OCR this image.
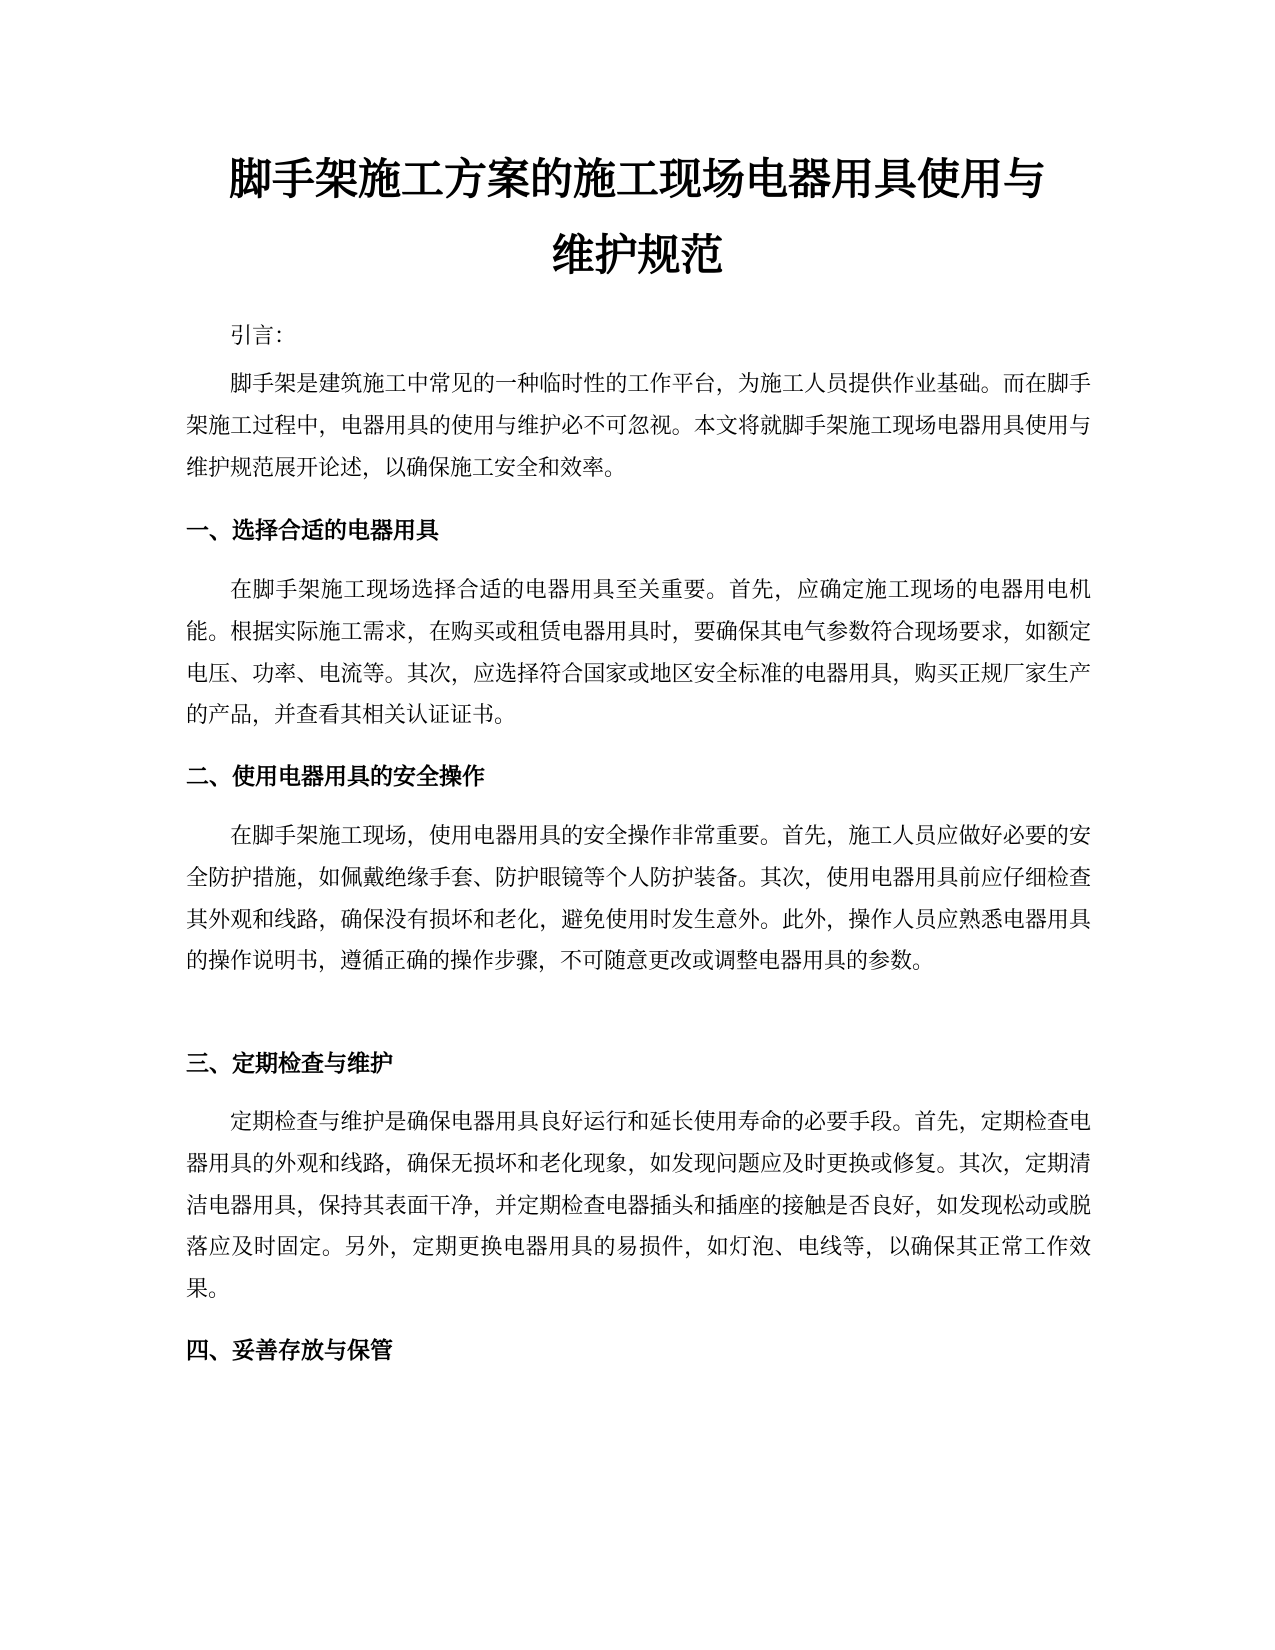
脚手架施工方案的施工现场电器用具使用与
维护规范

引言：

脚手架是建筑施工中常见的一种临时性的工作平台，为施工人员提供作业基础。而在脚手架施工过程中，电器用具的使用与维护必不可忽视。本文将就脚手架施工现场电器用具使用与维护规范展开论述，以确保施工安全和效率。

一、选择合适的电器用具

在脚手架施工现场选择合适的电器用具至关重要。首先，应确定施工现场的电器用电机能。根据实际施工需求，在购买或租赁电器用具时，要确保其电气参数符合现场要求，如额定电压、功率、电流等。其次，应选择符合国家或地区安全标准的电器用具，购买正规厂家生产的产品，并查看其相关认证证书。

二、使用电器用具的安全操作

在脚手架施工现场，使用电器用具的安全操作非常重要。首先，施工人员应做好必要的安全防护措施，如佩戴绝缘手套、防护眼镜等个人防护装备。其次，使用电器用具前应仔细检查其外观和线路，确保没有损坏和老化，避免使用时发生意外。此外，操作人员应熟悉电器用具的操作说明书，遵循正确的操作步骤，不可随意更改或调整电器用具的参数。

三、定期检查与维护

定期检查与维护是确保电器用具良好运行和延长使用寿命的必要手段。首先，定期检查电器用具的外观和线路，确保无损坏和老化现象，如发现问题应及时更换或修复。其次，定期清洁电器用具，保持其表面干净，并定期检查电器插头和插座的接触是否良好，如发现松动或脱落应及时固定。另外，定期更换电器用具的易损件，如灯泡、电线等，以确保其正常工作效果。

四、妥善存放与保管
